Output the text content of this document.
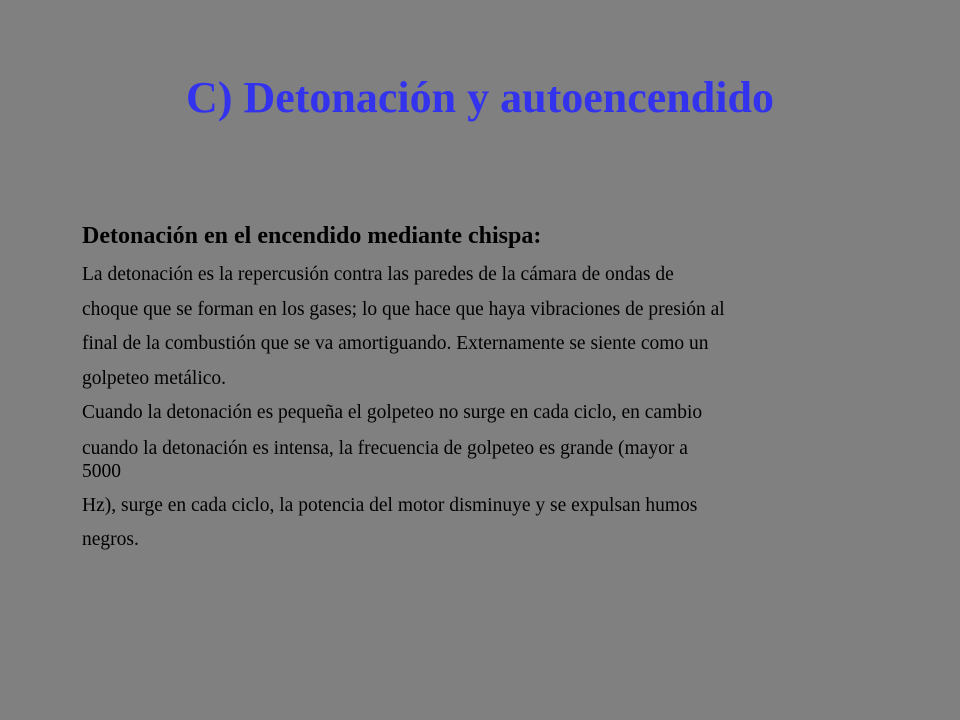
C) Detonación y autoencendido

Detonación en el encendido mediante chispa:

La detonación es la repercusión contra las paredes de la cámara de ondas de

choque que se forman en los gases; lo que hace que haya vibraciones de presión al

final de la combustión que se va amortiguando. Externamente se siente como un

golpeteo metálico.

Cuando la detonación es pequeña el golpeteo no surge en cada ciclo, en cambio

cuando la detonación es intensa, la frecuencia de golpeteo es grande (mayor a

5000

Hz), surge en cada ciclo, la potencia del motor disminuye y se expulsan humos

negros.
